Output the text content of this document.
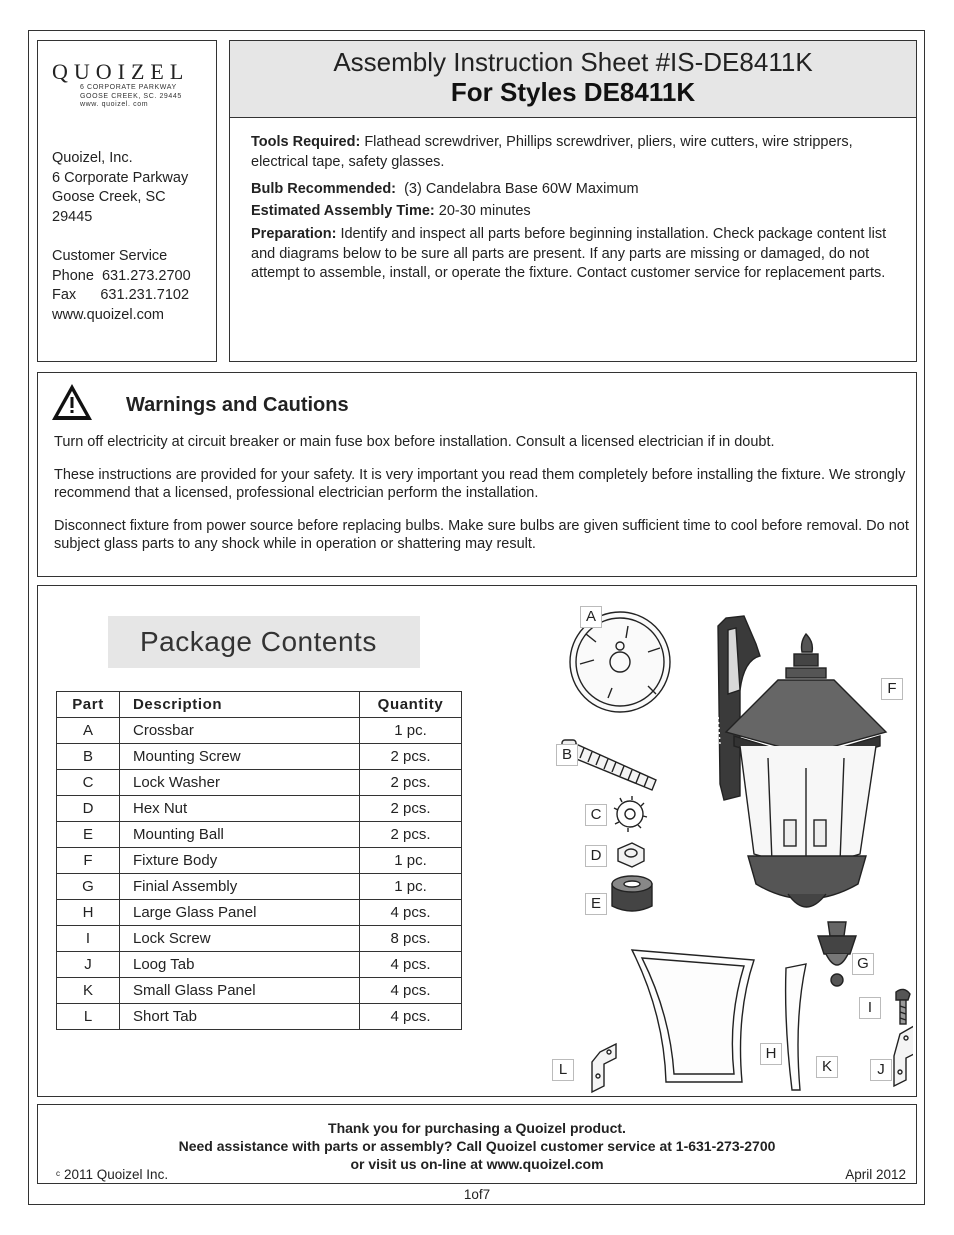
QUOIZEL
6 CORPORATE PARKWAY
GOOSE CREEK, SC. 29445
www. quoizel. com
Quoizel, Inc.
6 Corporate Parkway
Goose Creek, SC
29445
Customer Service
Phone  631.273.2700
Fax      631.231.7102
www.quoizel.com
Assembly Instruction Sheet #IS-DE8411K
For Styles DE8411K

Tools Required: Flathead screwdriver, Phillips screwdriver, pliers, wire cutters, wire strippers, electrical tape, safety glasses.

Bulb Recommended: (3) Candelabra Base 60W Maximum

Estimated Assembly Time: 20-30 minutes

Preparation: Identify and inspect all parts before beginning installation. Check package content list and diagrams below to be sure all parts are present. If any parts are missing or damaged, do not attempt to assemble, install, or operate the fixture. Contact customer service for replacement parts.

Warnings and Cautions

Turn off electricity at circuit breaker or main fuse box before installation. Consult a licensed electrician if in doubt.

These instructions are provided for your safety. It is very important you read them completely before installing the fixture. We strongly recommend that a licensed, professional electrician perform the installation.

Disconnect fixture from power source before replacing bulbs. Make sure bulbs are given sufficient time to cool before removal. Do not subject glass parts to any shock while in operation or shattering may result.

Package Contents
Part	Description	Quantity
A	Crossbar	1 pc.
B	Mounting Screw	2 pcs.
C	Lock Washer	2 pcs.
D	Hex Nut	2 pcs.
E	Mounting Ball	2 pcs.
F	Fixture Body	1 pc.
G	Finial Assembly	1 pc.
H	Large Glass Panel	4 pcs.
I	Lock Screw	8 pcs.
J	Loog Tab	4 pcs.
K	Small Glass Panel	4 pcs.
L	Short Tab	4 pcs.
A
B
C
D
E
F
G
H
I
J
K
L
Thank you for purchasing a Quoizel product.
Need assistance with parts or assembly? Call Quoizel customer service at 1-631-273-2700
or visit us on-line at www.quoizel.com
$^c$ 2011 Quoizel Inc.	April 2012
1of7
